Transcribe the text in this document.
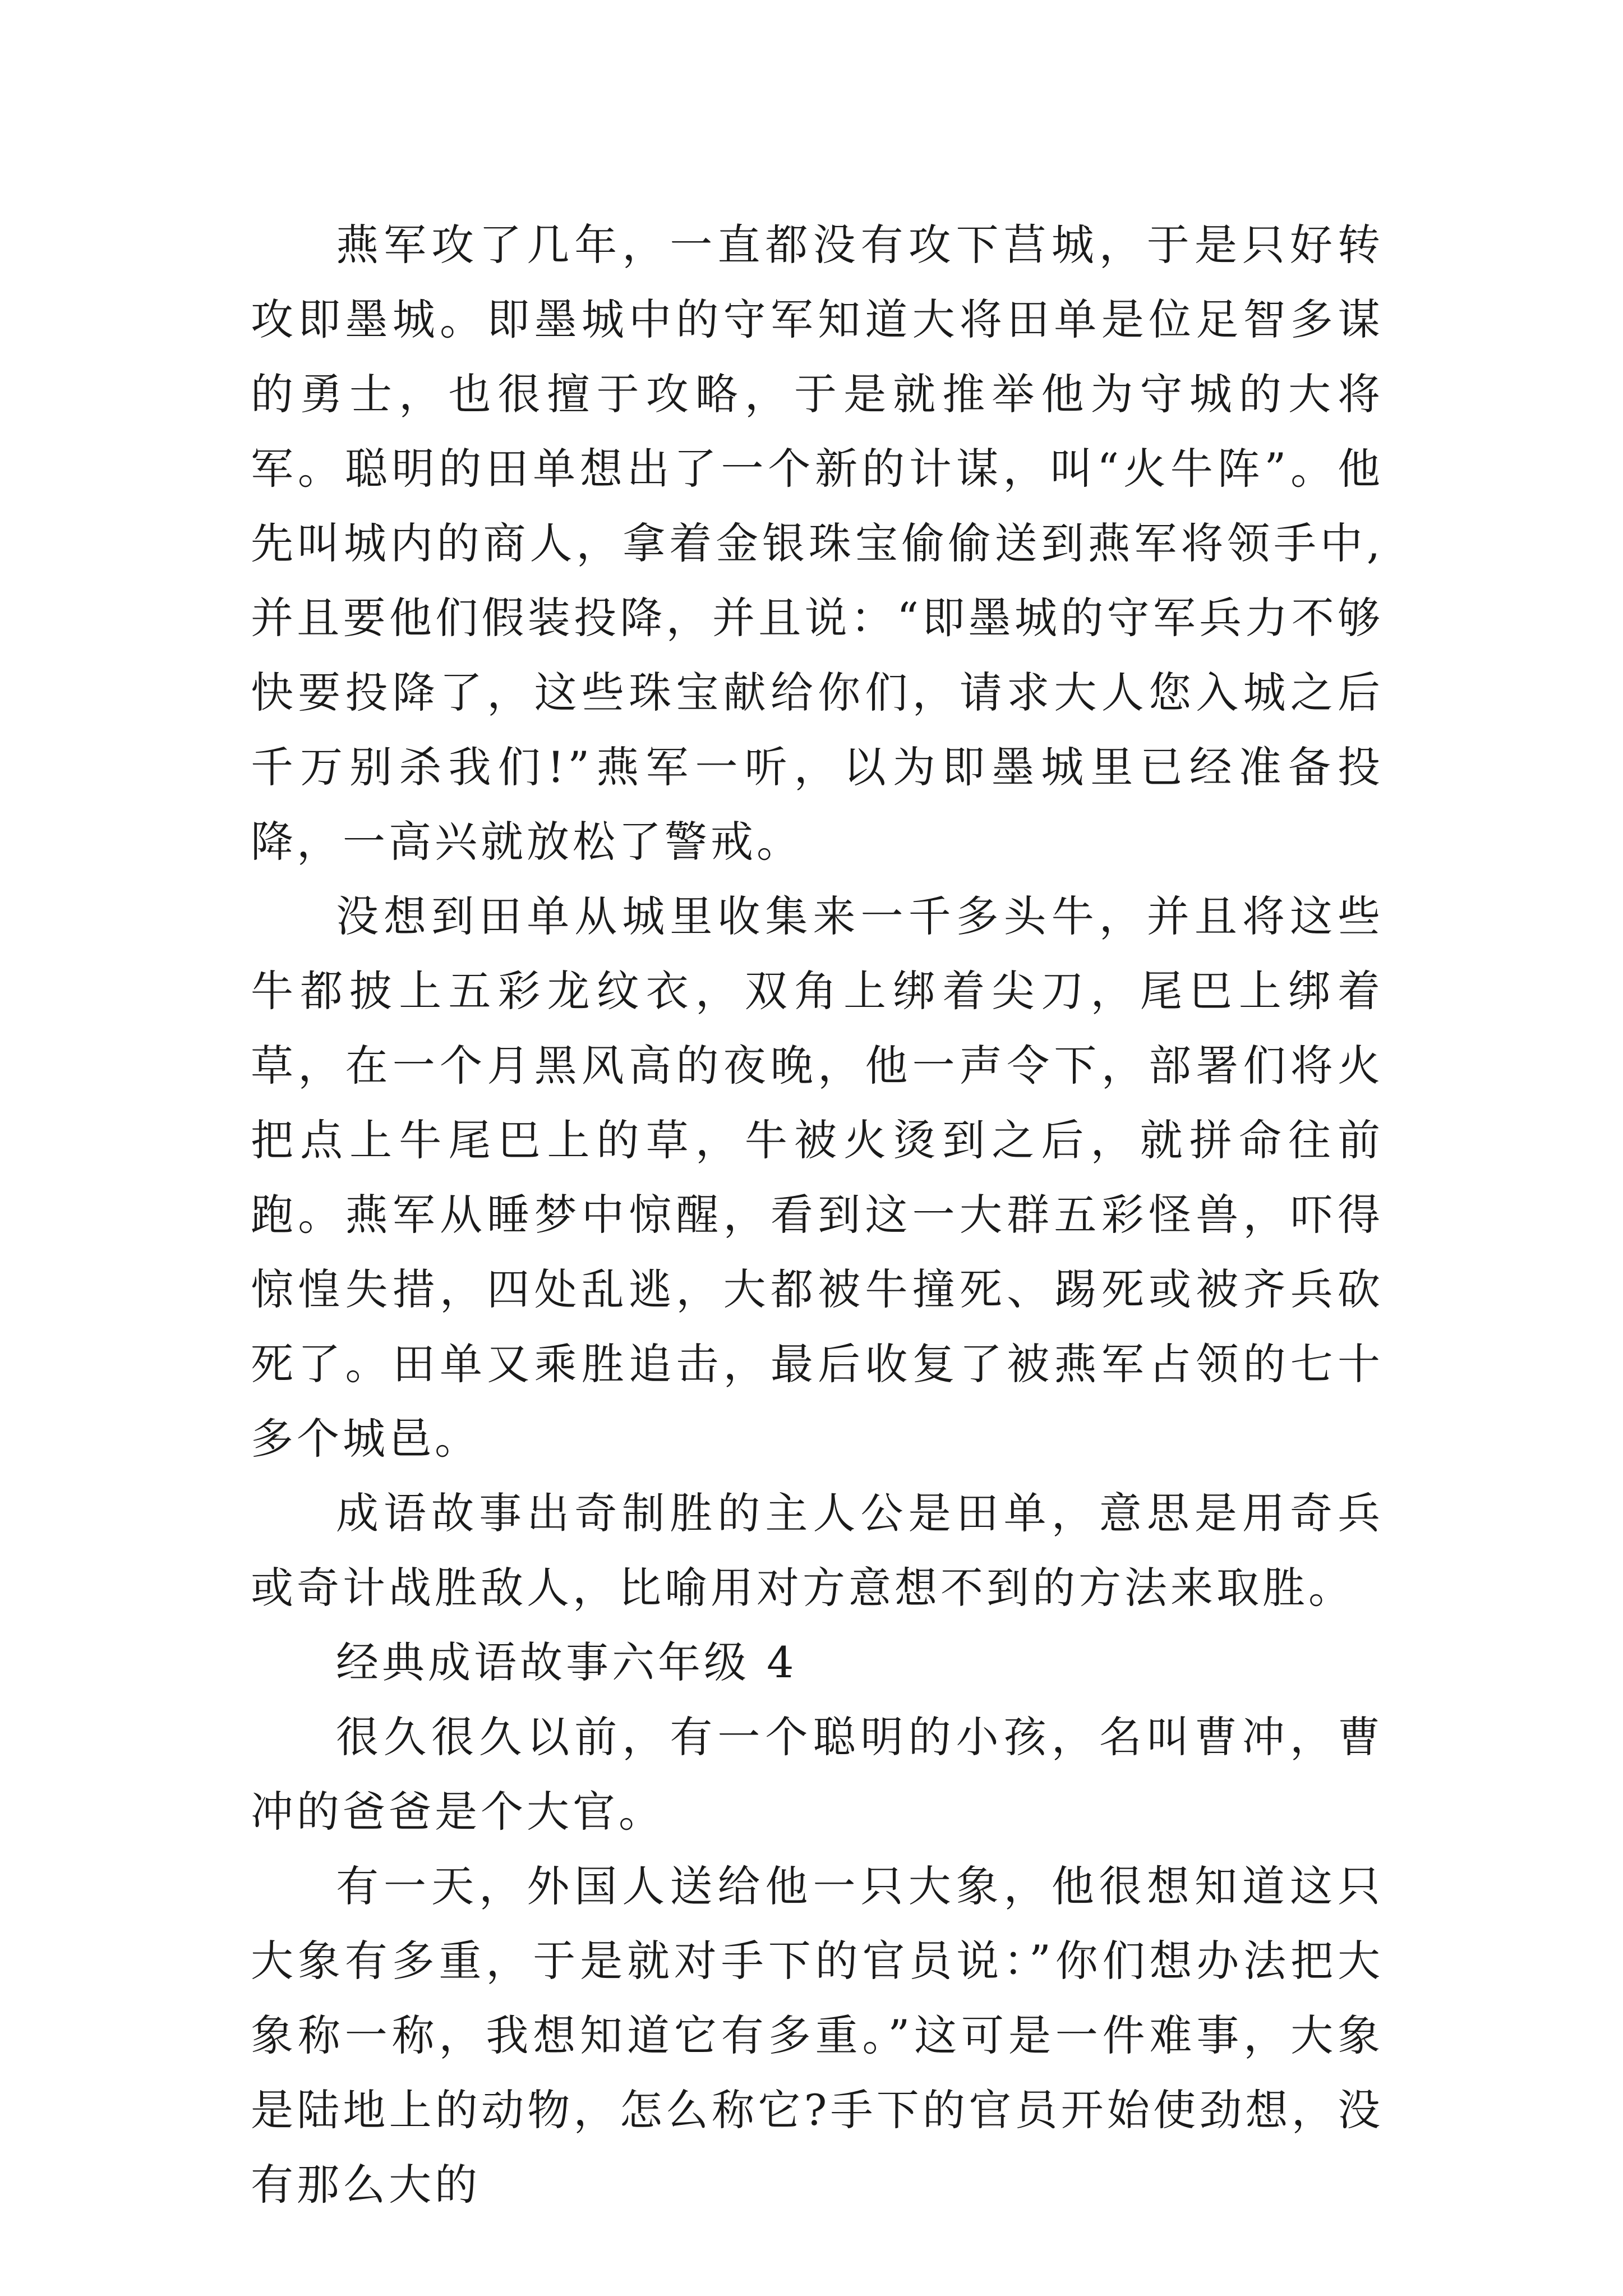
燕军攻了几年，一直都没有攻下莒城，于是只好转攻即墨城。即墨城中的守军知道大将田单是位足智多谋的勇士，也很擅于攻略，于是就推举他为守城的大将军。聪明的田单想出了一个新的计谋，叫“火牛阵”。他先叫城内的商人，拿着金银珠宝偷偷送到燕军将领手中,并且要他们假装投降，并且说：“即墨城的守军兵力不够快要投降了，这些珠宝献给你们，请求大人您入城之后千万别杀我们!”燕军一听，以为即墨城里已经准备投降，一高兴就放松了警戒。

没想到田单从城里收集来一千多头牛，并且将这些牛都披上五彩龙纹衣，双角上绑着尖刀，尾巴上绑着草，在一个月黑风高的夜晚，他一声令下，部署们将火把点上牛尾巴上的草，牛被火烫到之后，就拼命往前跑。燕军从睡梦中惊醒，看到这一大群五彩怪兽，吓得惊惶失措，四处乱逃，大都被牛撞死、踢死或被齐兵砍死了。田单又乘胜追击，最后收复了被燕军占领的七十多个城邑。

成语故事出奇制胜的主人公是田单，意思是用奇兵或奇计战胜敌人，比喻用对方意想不到的方法来取胜。

经典成语故事六年级 4

很久很久以前，有一个聪明的小孩，名叫曹冲，曹冲的爸爸是个大官。

有一天，外国人送给他一只大象，他很想知道这只大象有多重，于是就对手下的官员说：”你们想办法把大象称一称，我想知道它有多重。”这可是一件难事，大象是陆地上的动物，怎么称它?手下的官员开始使劲想，没有那么大的
